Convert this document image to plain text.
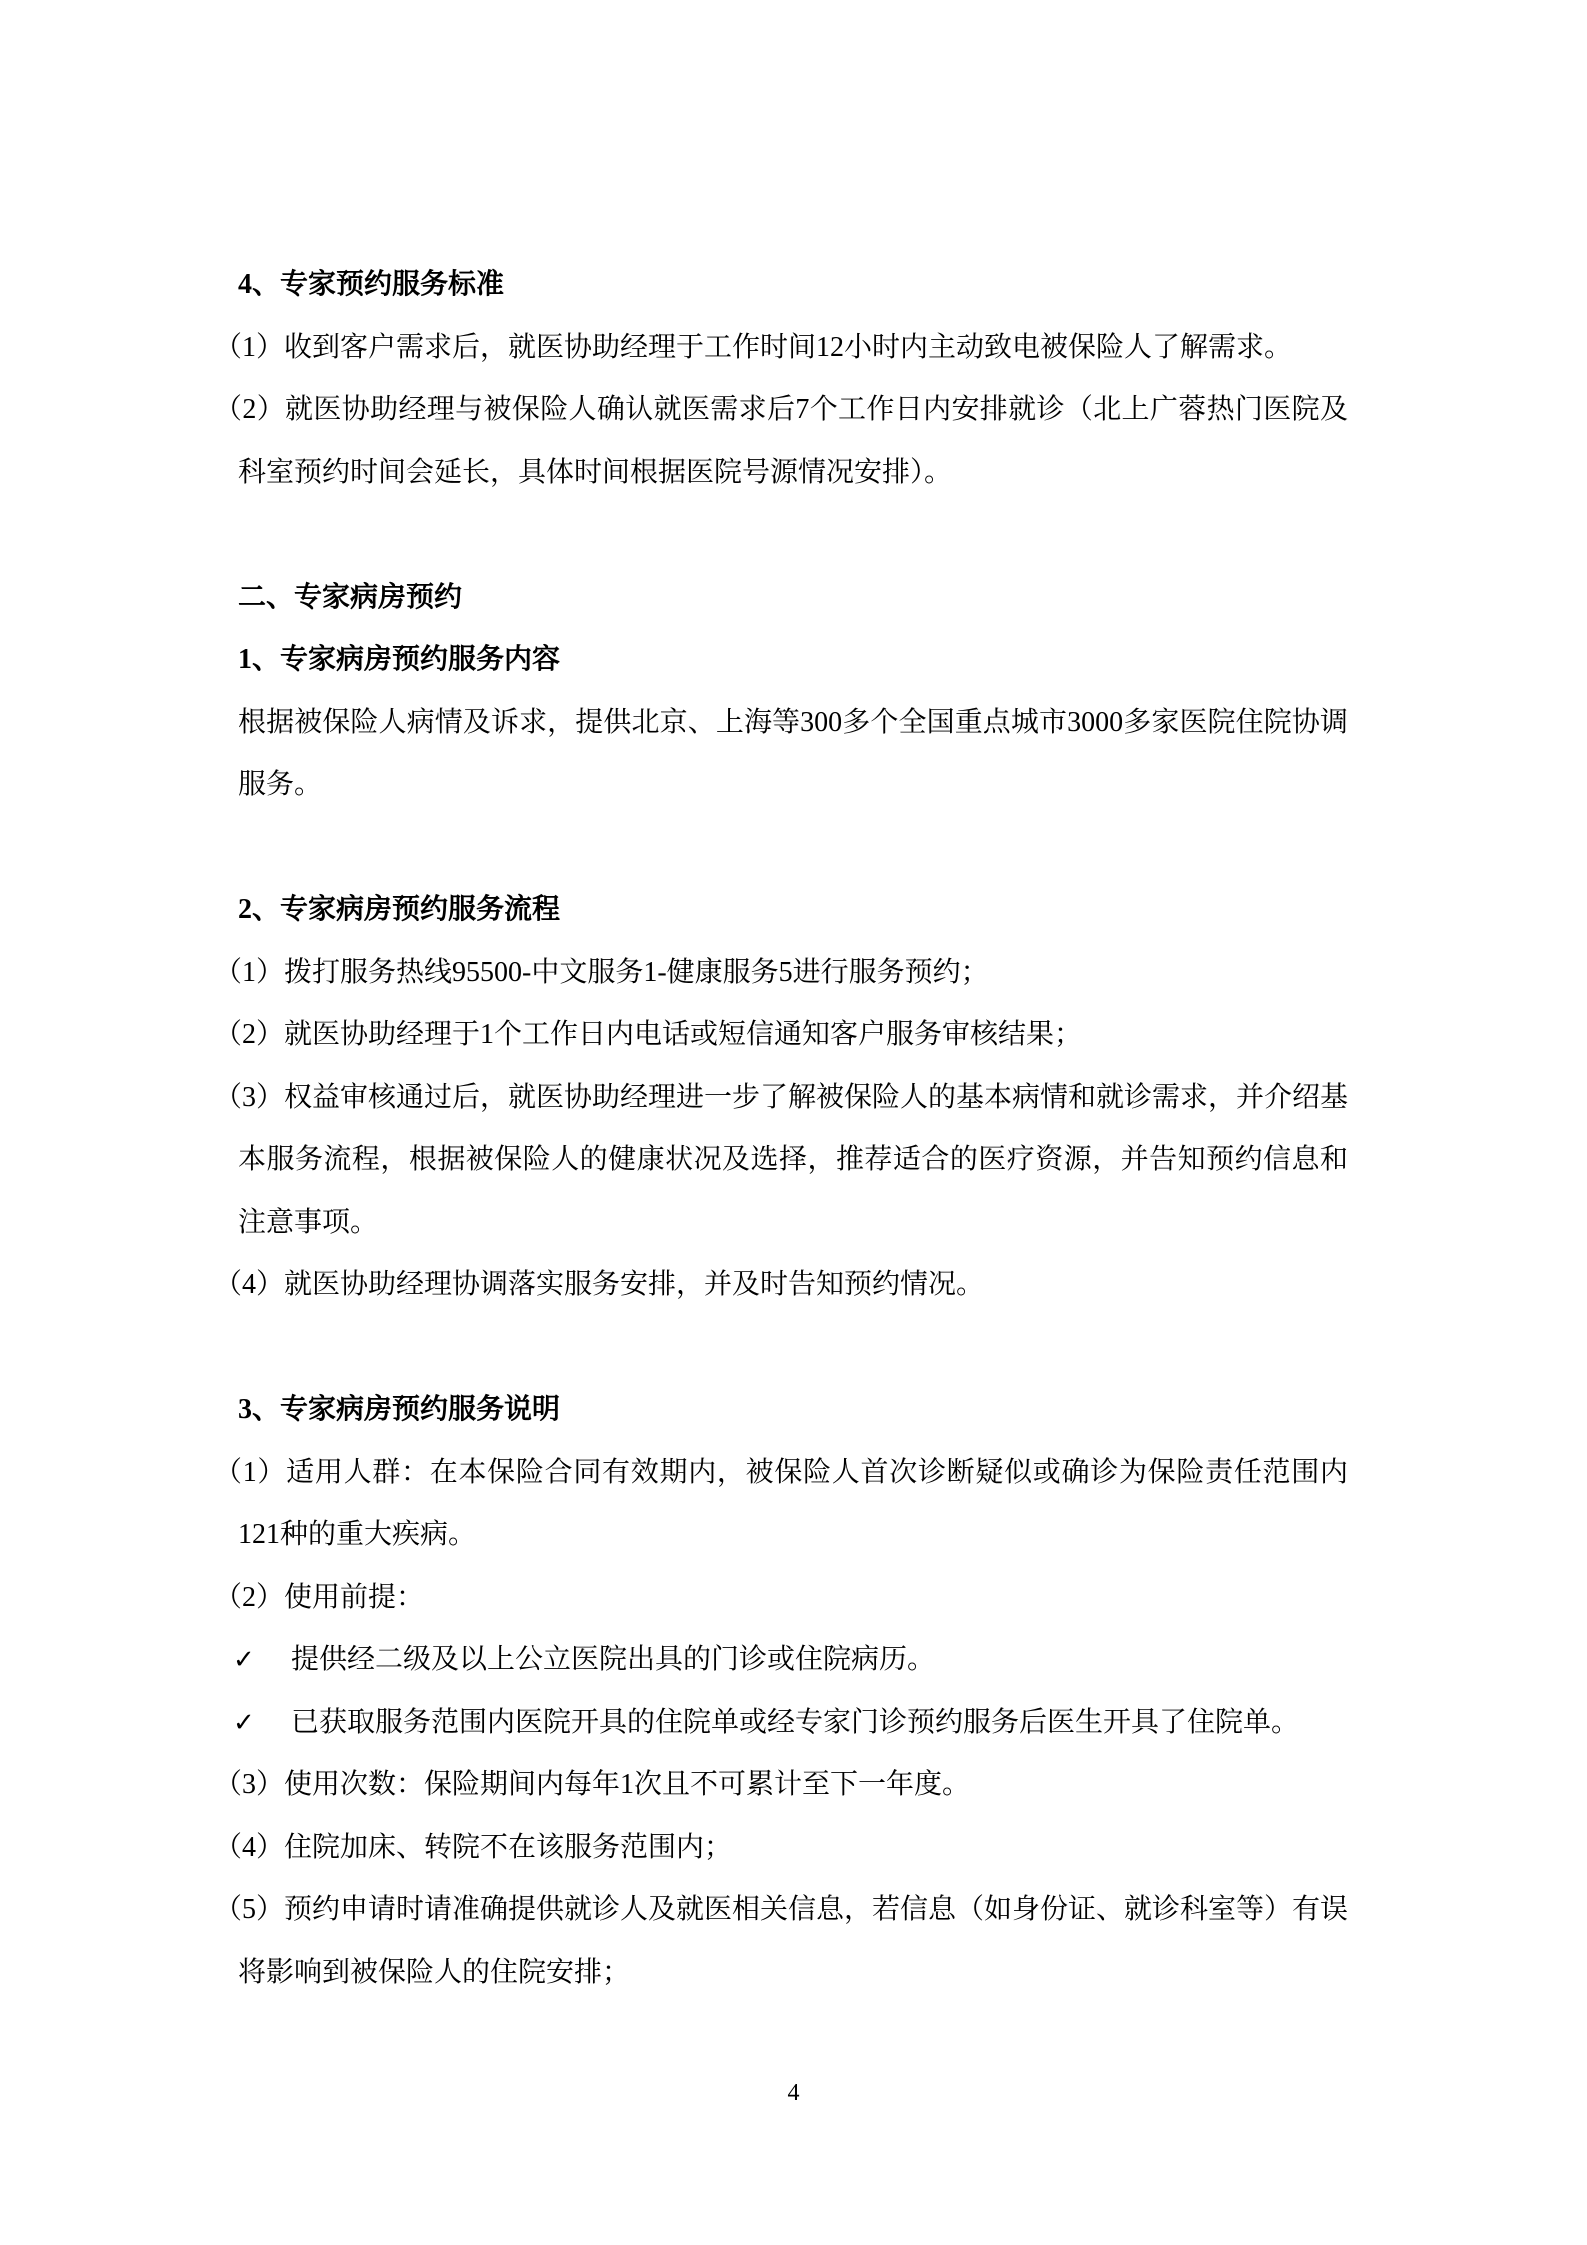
4、专家预约服务标准
（1）收到客户需求后，就医协助经理于工作时间12小时内主动致电被保险人了解需求。
（2）就医协助经理与被保险人确认就医需求后7个工作日内安排就诊（北上广蓉热门医院及科室预约时间会延长，具体时间根据医院号源情况安排）。
二、专家病房预约
1、专家病房预约服务内容
根据被保险人病情及诉求，提供北京、上海等300多个全国重点城市3000多家医院住院协调服务。
2、专家病房预约服务流程
（1）拨打服务热线95500-中文服务1-健康服务5进行服务预约；
（2）就医协助经理于1个工作日内电话或短信通知客户服务审核结果；
（3）权益审核通过后，就医协助经理进一步了解被保险人的基本病情和就诊需求，并介绍基本服务流程，根据被保险人的健康状况及选择，推荐适合的医疗资源，并告知预约信息和注意事项。
（4）就医协助经理协调落实服务安排，并及时告知预约情况。
3、专家病房预约服务说明
（1）适用人群：在本保险合同有效期内，被保险人首次诊断疑似或确诊为保险责任范围内121种的重大疾病。
（2）使用前提：
✓	提供经二级及以上公立医院出具的门诊或住院病历。
✓	已获取服务范围内医院开具的住院单或经专家门诊预约服务后医生开具了住院单。
（3）使用次数：保险期间内每年1次且不可累计至下一年度。
（4）住院加床、转院不在该服务范围内；
（5）预约申请时请准确提供就诊人及就医相关信息，若信息（如身份证、就诊科室等）有误将影响到被保险人的住院安排；
4
